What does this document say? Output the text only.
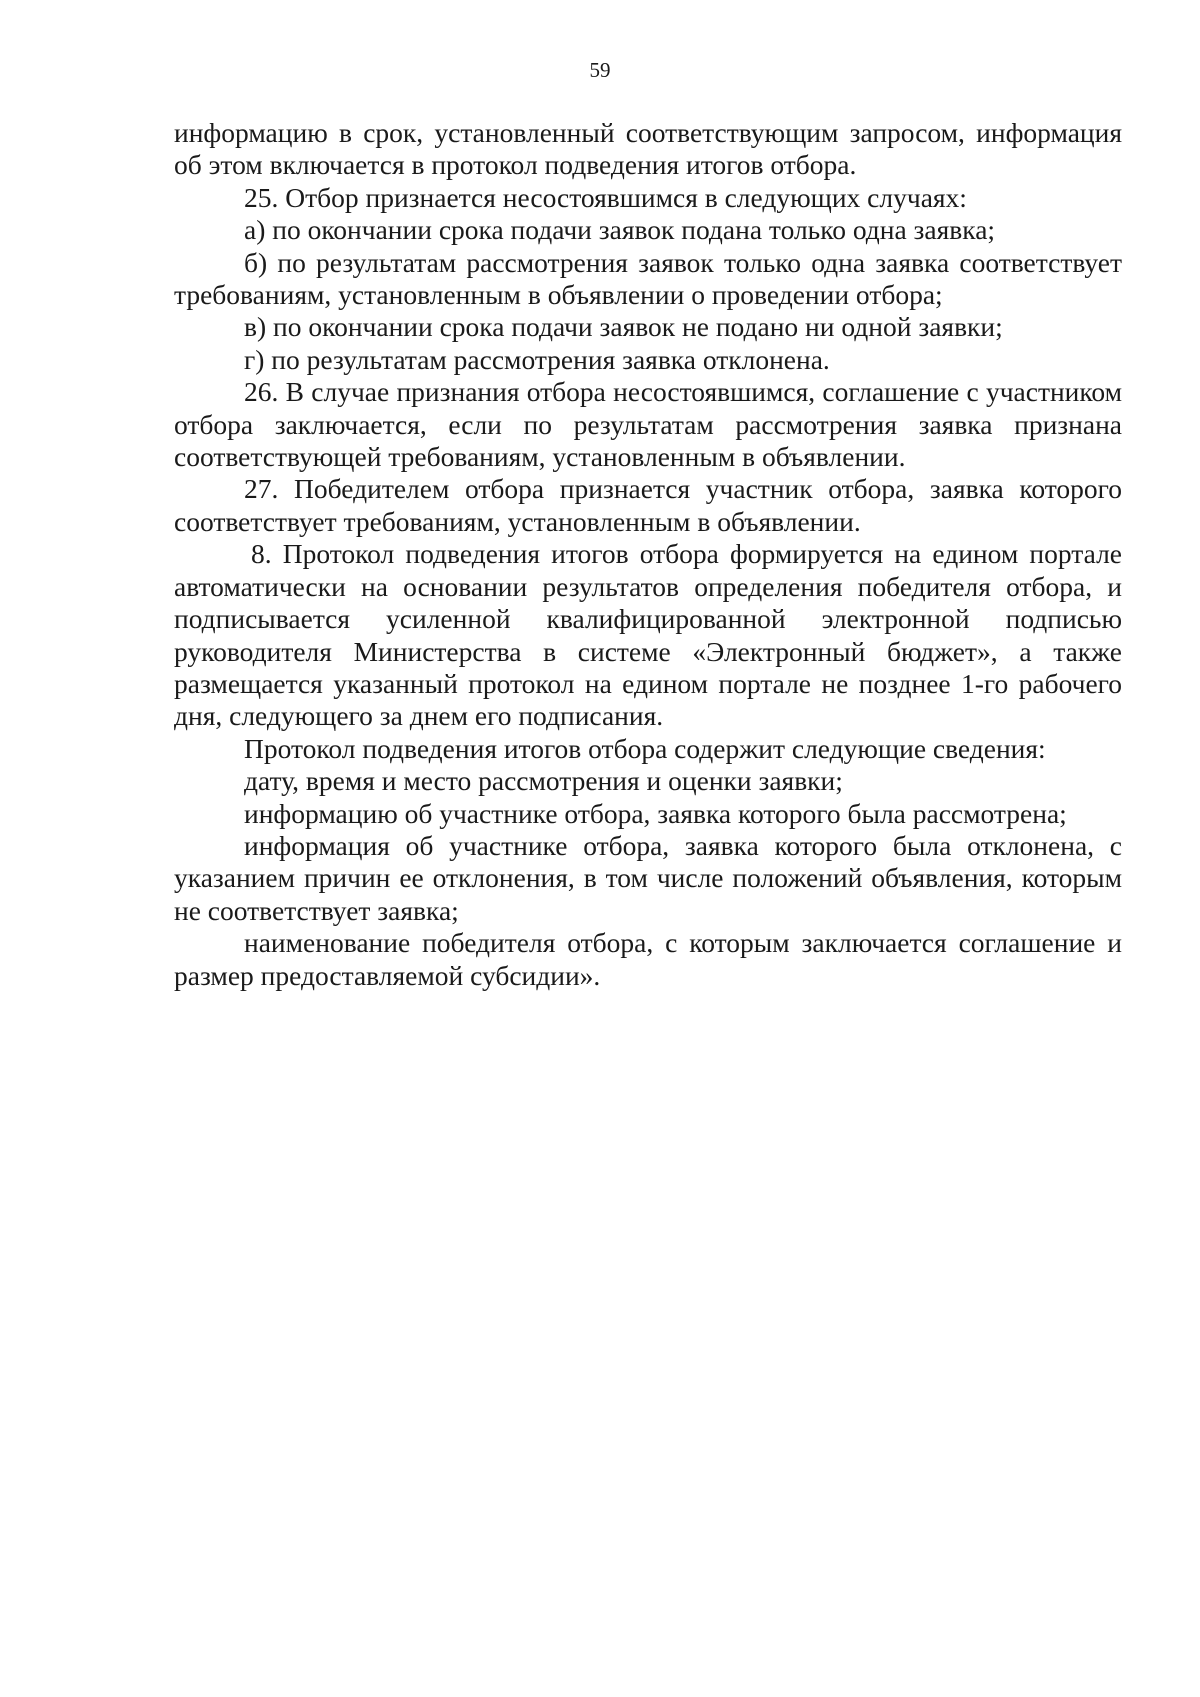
59

информацию в срок, установленный соответствующим запросом, информация об этом включается в протокол подведения итогов отбора.

25. Отбор признается несостоявшимся в следующих случаях:

а) по окончании срока подачи заявок подана только одна заявка;

б) по результатам рассмотрения заявок только одна заявка соответствует требованиям, установленным в объявлении о проведении отбора;

в) по окончании срока подачи заявок не подано ни одной заявки;

г) по результатам рассмотрения заявка отклонена.

26. В случае признания отбора несостоявшимся, соглашение с участником отбора заключается, если по результатам рассмотрения заявка признана соответствующей требованиям, установленным в объявлении.

27. Победителем отбора признается участник отбора, заявка которого соответствует требованиям, установленным в объявлении.

8. Протокол подведения итогов отбора формируется на едином портале автоматически на основании результатов определения победителя отбора, и подписывается усиленной квалифицированной электронной подписью руководителя Министерства в системе «Электронный бюджет», а также размещается указанный протокол на едином портале не позднее 1-го рабочего дня, следующего за днем его подписания.

Протокол подведения итогов отбора содержит следующие сведения:

дату, время и место рассмотрения и оценки заявки;

информацию об участнике отбора, заявка которого была рассмотрена;

информация об участнике отбора, заявка которого была отклонена, с указанием причин ее отклонения, в том числе положений объявления, которым не соответствует заявка;

наименование победителя отбора, с которым заключается соглашение и размер предоставляемой субсидии».
